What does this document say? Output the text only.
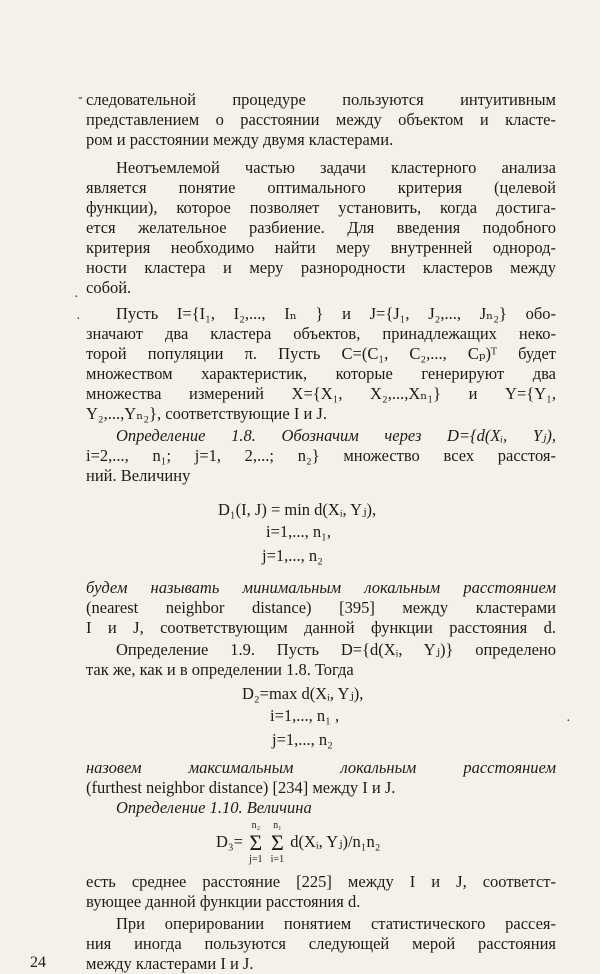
-
·
·
следовательной процедуре пользуются интуитивным
представлением о расстоянии между объектом и класте-
ром и расстоянии между двумя кластерами.
Неотъемлемой частью задачи кластерного анализа
является понятие оптимального критерия (целевой
функции), которое позволяет установить, когда достига-
ется желательное разбиение. Для введения подобного
критерия необходимо найти меру внутренней однород-
ности кластера и меру разнородности кластеров между
собой.
Пусть I={I₁, I₂,..., Iₙ } и J={J₁, J₂,..., Jₙ₂} обо-
значают два кластера объектов, принадлежащих неко-
торой популяции π. Пусть C=(C₁, C₂,..., Cₚ)ᵀ будет
множеством характеристик, которые генерируют два
множества измерений X={X₁, X₂,...,Xₙ₁} и Y={Y₁,
Y₂,...,Yₙ₂}, соответствующие I и J.
Определение 1.8. Обозначим через D={d(Xᵢ, Yⱼ),
i=2,..., n₁; j=1, 2,...; n₂} множество всех расстоя-
ний. Величину
D₁(I, J) = min d(Xᵢ, Yⱼ),
i=1,..., n₁,
j=1,..., n₂
будем называть минимальным локальным расстоянием
(nearest neighbor distance) [395] между кластерами
I и J, соответствующим данной функции расстояния d.
Определение 1.9. Пусть D={d(Xᵢ, Yⱼ)} определено
так же, как и в определении 1.8. Тогда
D₂=max d(Xᵢ, Yⱼ),
i=1,..., n₁ ,
j=1,..., n₂
·
назовем максимальным локальным расстоянием
(furthest neighbor distance) [234] между I и J.
Определение 1.10. Величина
D₃=
n₂
Σ
j=1

n₁
Σ
i=1
d(Xᵢ, Yⱼ)/n₁n₂
есть среднее расстояние [225] между I и J, соответст-
вующее данной функции расстояния d.
При оперировании понятием статистического рассея-
ния иногда пользуются следующей мерой расстояния
между кластерами I и J.
24
